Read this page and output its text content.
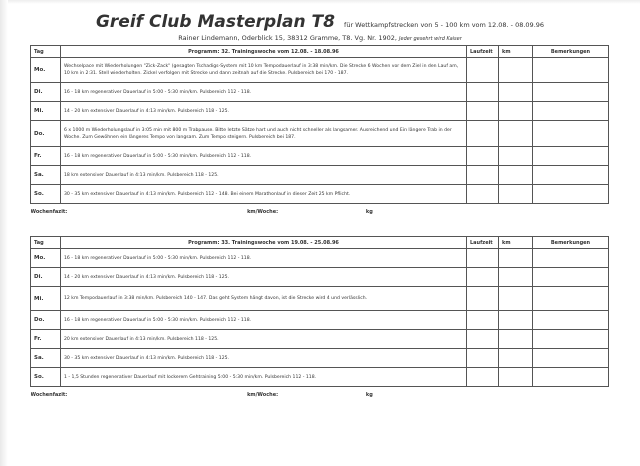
Greif Club Masterplan T8 für Wettkampfstrecken von 5 - 100 km vom 12.08. - 08.09.96
Rainer Lindemann, Oderblick 15, 38312 Gramme, T8. Vg. Nr. 1902, Jeder gesehrt wird Kaiser
Tag	Programm: 32. Trainingswoche vom 12.08. - 18.08.96	Laufzeit	km	Bemerkungen
Mo.	Wechselpace mit Wiederholungen "Zick-Zack" (gesagten Tschadigs-System mit 10 km Tempodauerlauf in 3:38 min/km. Die Strecke 6 Wochen vor dem Ziel in den Lauf am, 10 km in 2:31. Stell wiederholten. Zickel verfolgen mit Strecke und dann zeitnah auf die Strecke. Pulsbereich bei 170 - 187.			
Di.	16 - 18 km regenerativer Dauerlauf in 5:00 - 5:30 min/km. Pulsbereich 112 - 118.			
Mi.	14 - 20 km extensiver Dauerlauf in 4:13 min/km. Pulsbereich 118 - 125.			
Do.	6 x 1000 m Wiederholungslauf in 3:05 min mit 800 m Trabpause. Bitte letzte Sätze hart und auch nicht schneller als langsamer. Ausreichend und Ein längere Trab in der Woche. Zum Gewöhnen ein längeres Tempo von langsam. Zum Tempo steigern. Pulsbereich bei 187.			
Fr.	16 - 18 km regenerativer Dauerlauf in 5:00 - 5:30 min/km. Pulsbereich 112 - 118.			
Sa.	18 km extensiver Dauerlauf in 4:13 min/km. Pulsbereich 118 - 125.			
So.	30 - 35 km extensiver Dauerlauf in 4:13 min/km. Pulsbereich 112 - 148. Bei einem Marathonlauf in dieser Zeit 25 km Pflicht.			
Wochenfazit: km/Woche: kg				
Tag	Programm: 33. Trainingswoche vom 19.08. - 25.08.96	Laufzeit	km	Bemerkungen
Mo.	16 - 18 km regenerativer Dauerlauf in 5:00 - 5:30 min/km. Pulsbereich 112 - 118.			
Di.	14 - 20 km extensiver Dauerlauf in 4:13 min/km. Pulsbereich 118 - 125.			
Mi.	12 km Tempodauerlauf in 3:38 min/km. Pulsbereich 140 - 147. Das geht System hängt davon, ist die Strecke wird 4 und verlässlich.			
Do.	16 - 18 km regenerativer Dauerlauf in 5:00 - 5:30 min/km. Pulsbereich 112 - 118.			
Fr.	20 km extensiver Dauerlauf in 4:13 min/km. Pulsbereich 118 - 125.			
Sa.	30 - 35 km extensiver Dauerlauf in 4:13 min/km. Pulsbereich 118 - 125.			
So.	1 - 1,5 Stunden regenerativer Dauerlauf mit lockerem Gehtraining 5:00 - 5:30 min/km. Pulsbereich 112 - 118.			
Wochenfazit: km/Woche: kg				
